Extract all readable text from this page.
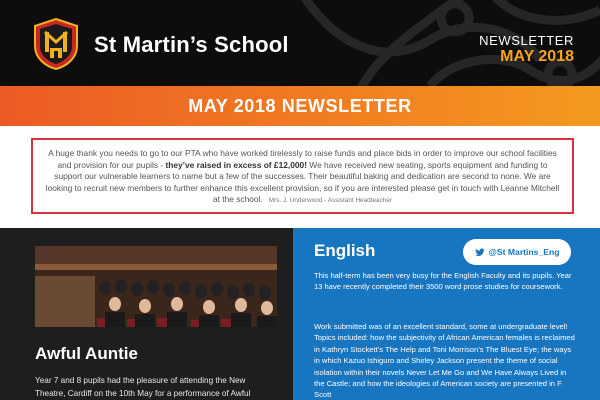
St Martin’s School	NEWSLETTER
MAY 2018
MAY 2018 NEWSLETTER
A huge thank you needs to go to our PTA who have worked tirelessly to raise funds and place bids in order to improve our school facilities and provision for our pupils - they’ve raised in excess of £12,000! We have received new seating, sports equipment and funding to support our vulnerable learners to name but a few of the successes. Their beautiful baking and dedication are second to none. We are looking to recruit new members to further enhance this excellent provision, so if you are interested please get in touch with Leanne Mitchell at the school. Mrs. J. Underwood - Assistant Headteacher
Awful Auntie
Year 7 and 8 pupils had the pleasure of attending the New Theatre, Cardiff on the 10th May for a performance of Awful
English	@St Martins_Eng
This half-term has been very busy for the English Faculty and its pupils. Year 13 have recently completed their 3500 word prose studies for coursework.
Work submitted was of an excellent standard, some at undergraduate level! Topics included: how the subjectivity of African American females is reclaimed in Kathryn Stockett’s The Help and Toni Morrison’s The Bluest Eye; the ways in which Kazuo Ishiguro and Shirley Jackson present the theme of social isolation within their novels Never Let Me Go and We Have Always Lived in the Castle; and how the ideologies of American society are presented in F Scott
